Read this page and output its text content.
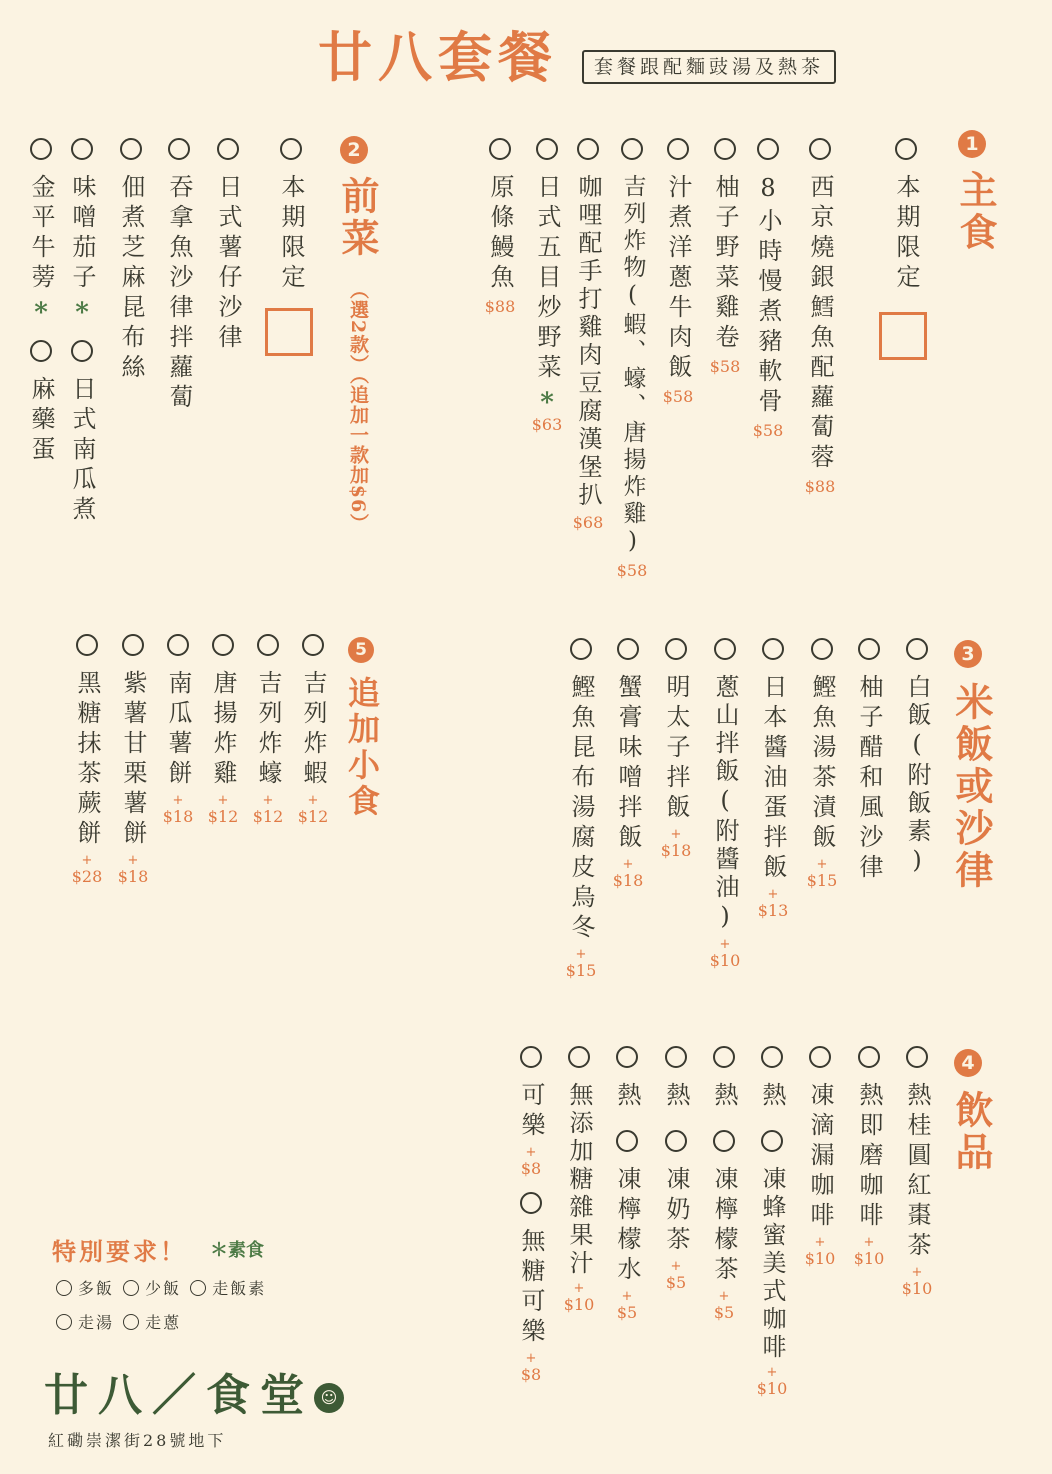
廿八套餐	套餐跟配麵豉湯及熱茶
1
主食
本期限定
西京燒銀鱈魚配蘿蔔蓉
$88
8小時慢煮豬軟骨
$58
柚子野菜雞卷
$58
汁煮洋蔥牛肉飯
$58
吉列炸物(蝦、蠔、唐揚炸雞)
$58
咖哩配手打雞肉豆腐漢堡扒
$68
日式五目炒野菜
*
$63
原條鰻魚
$88
2
前菜
（選2款）（追加一款加$6）
本期限定
日式薯仔沙律
吞拿魚沙律拌蘿蔔
佃煮芝麻昆布絲
味噌茄子
*
日式南瓜煮
金平牛蒡
*
麻藥蛋
3
米飯或沙律
白飯(附飯素)
柚子醋和風沙律
鰹魚湯茶漬飯
+
$15
日本醬油蛋拌飯
+
$13
蔥山拌飯(附醬油)
+
$10
明太子拌飯
+
$18
蟹膏味噌拌飯
+
$18
鰹魚昆布湯腐皮烏冬
+
$15
5
追加小食
吉列炸蝦
+
$12
吉列炸蠔
+
$12
唐揚炸雞
+
$12
南瓜薯餅
+
$18
紫薯甘栗薯餅
+
$18
黑糖抹茶蕨餅
+
$28
4
飲品
熱桂圓紅棗茶
+
$10
熱即磨咖啡
+
$10
凍滴漏咖啡
+
$10
熱
凍蜂蜜美式咖啡
+
$10
熱
凍檸檬茶
+
$5
熱
凍奶茶
+
$5
熱
凍檸檬水
+
$5
無添加糖雜果汁
+
$10
可樂
+
$8
無糖可樂
+
$8
特別要求！ ＊素食
多飯 少飯 走飯素
走湯 走蔥
廿八／食堂 ☺
紅磡崇潔街28號地下
